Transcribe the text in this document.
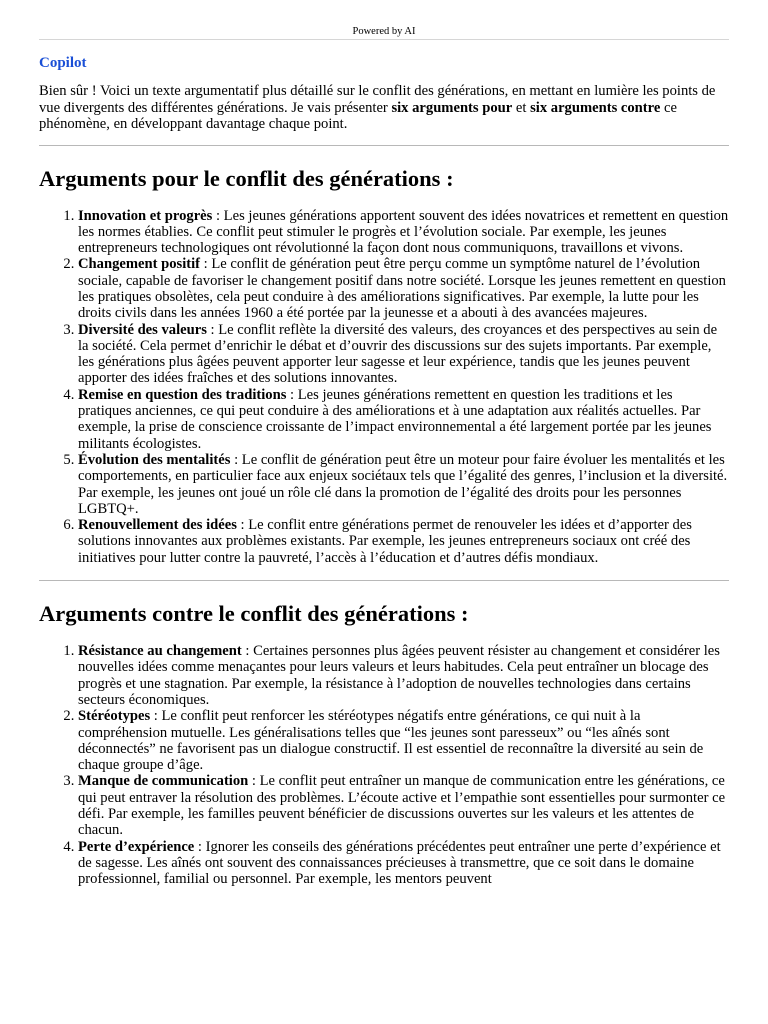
Powered by AI
Copilot

Bien sûr ! Voici un texte argumentatif plus détaillé sur le conflit des générations, en mettant en lumière les points de vue divergents des différentes générations. Je vais présenter six arguments pour et six arguments contre ce phénomène, en développant davantage chaque point.

Arguments pour le conflit des générations :
1. Innovation et progrès : Les jeunes générations apportent souvent des idées novatrices et remettent en question les normes établies. Ce conflit peut stimuler le progrès et l’évolution sociale. Par exemple, les jeunes entrepreneurs technologiques ont révolutionné la façon dont nous communiquons, travaillons et vivons.
2. Changement positif : Le conflit de génération peut être perçu comme un symptôme naturel de l’évolution sociale, capable de favoriser le changement positif dans notre société. Lorsque les jeunes remettent en question les pratiques obsolètes, cela peut conduire à des améliorations significatives. Par exemple, la lutte pour les droits civils dans les années 1960 a été portée par la jeunesse et a abouti à des avancées majeures.
3. Diversité des valeurs : Le conflit reflète la diversité des valeurs, des croyances et des perspectives au sein de la société. Cela permet d’enrichir le débat et d’ouvrir des discussions sur des sujets importants. Par exemple, les générations plus âgées peuvent apporter leur sagesse et leur expérience, tandis que les jeunes peuvent apporter des idées fraîches et des solutions innovantes.
4. Remise en question des traditions : Les jeunes générations remettent en question les traditions et les pratiques anciennes, ce qui peut conduire à des améliorations et à une adaptation aux réalités actuelles. Par exemple, la prise de conscience croissante de l’impact environnemental a été largement portée par les jeunes militants écologistes.
5. Évolution des mentalités : Le conflit de génération peut être un moteur pour faire évoluer les mentalités et les comportements, en particulier face aux enjeux sociétaux tels que l’égalité des genres, l’inclusion et la diversité. Par exemple, les jeunes ont joué un rôle clé dans la promotion de l’égalité des droits pour les personnes LGBTQ+.
6. Renouvellement des idées : Le conflit entre générations permet de renouveler les idées et d’apporter des solutions innovantes aux problèmes existants. Par exemple, les jeunes entrepreneurs sociaux ont créé des initiatives pour lutter contre la pauvreté, l’accès à l’éducation et d’autres défis mondiaux.
Arguments contre le conflit des générations :
1. Résistance au changement : Certaines personnes plus âgées peuvent résister au changement et considérer les nouvelles idées comme menaçantes pour leurs valeurs et leurs habitudes. Cela peut entraîner un blocage des progrès et une stagnation. Par exemple, la résistance à l’adoption de nouvelles technologies dans certains secteurs économiques.
2. Stéréotypes : Le conflit peut renforcer les stéréotypes négatifs entre générations, ce qui nuit à la compréhension mutuelle. Les généralisations telles que “les jeunes sont paresseux” ou “les aînés sont déconnectés” ne favorisent pas un dialogue constructif. Il est essentiel de reconnaître la diversité au sein de chaque groupe d’âge.
3. Manque de communication : Le conflit peut entraîner un manque de communication entre les générations, ce qui peut entraver la résolution des problèmes. L’écoute active et l’empathie sont essentielles pour surmonter ce défi. Par exemple, les familles peuvent bénéficier de discussions ouvertes sur les valeurs et les attentes de chacun.
4. Perte d’expérience : Ignorer les conseils des générations précédentes peut entraîner une perte d’expérience et de sagesse. Les aînés ont souvent des connaissances précieuses à transmettre, que ce soit dans le domaine professionnel, familial ou personnel. Par exemple, les mentors peuvent
